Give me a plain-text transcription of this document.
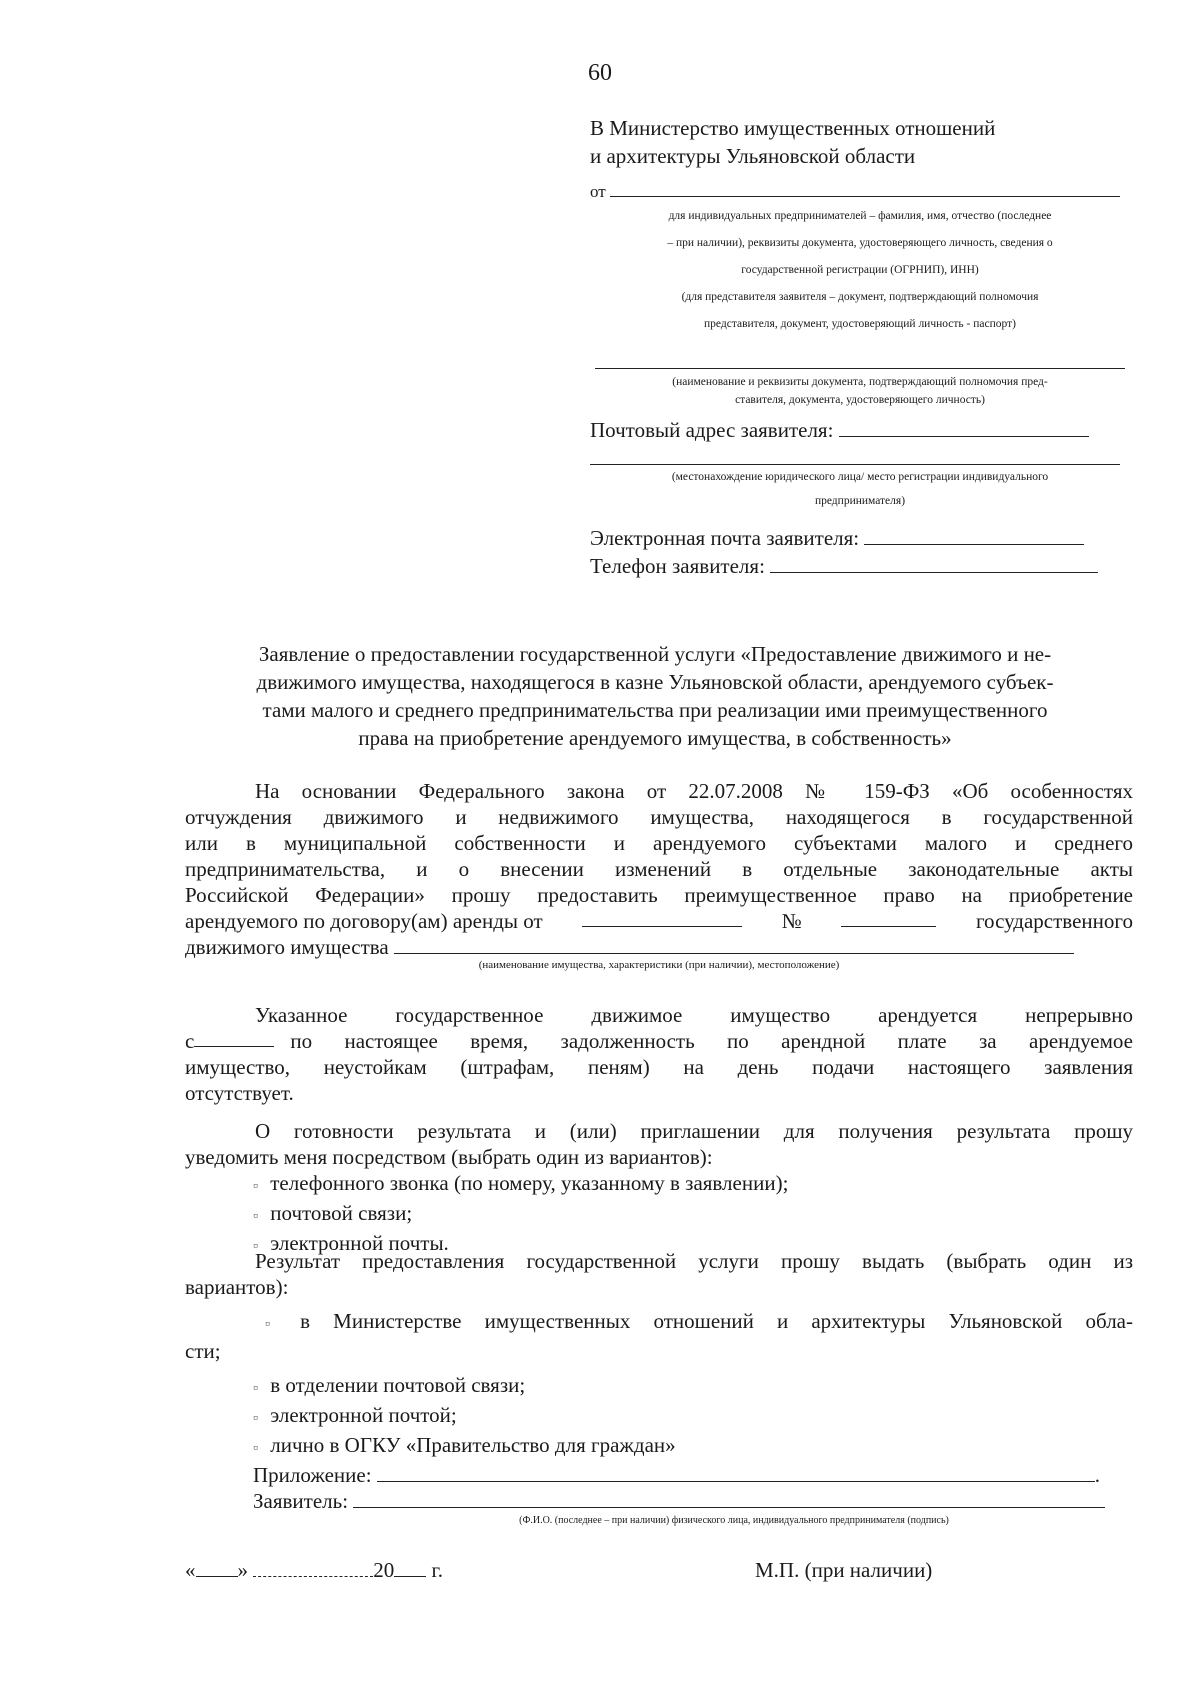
60
В Министерство имущественных отношений
и архитектуры Ульяновской области
от
для индивидуальных предпринимателей – фамилия, имя, отчество (последнее
– при наличии), реквизиты документа, удостоверяющего личность, сведения о
государственной регистрации (ОГРНИП), ИНН)
(для представителя заявителя – документ, подтверждающий полномочия
представителя, документ, удостоверяющий личность - паспорт)
(наименование и реквизиты документа, подтверждающий полномочия пред-
ставителя, документа, удостоверяющего личность)
Почтовый адрес заявителя:
(местонахождение юридического лица/ место регистрации индивидуального
предпринимателя)
Электронная почта заявителя:
Телефон заявителя:
Заявление о предоставлении государственной услуги «Предоставление движимого и не-
движимого имущества, находящегося в казне Ульяновской области, арендуемого субъек-
тами малого и среднего предпринимательства при реализации ими преимущественного
права на приобретение арендуемого имущества, в собственность»
На основании Федерального закона от 22.07.2008 № 159-ФЗ «Об особенностях
отчуждения движимого и недвижимого имущества, находящегося в государственной
или в муниципальной собственности и арендуемого субъектами малого и среднего
предпринимательства, и о внесении изменений в отдельные законодательные акты
Российской Федерации» прошу предоставить преимущественное право на приобретение
арендуемого по договору(ам) аренды от	№	государственного
движимого имущества
(наименование имущества, характеристики (при наличии), местоположение)
Указанное государственное движимое имущество арендуется непрерывно
с	по настоящее время, задолженность по арендной плате за арендуемое
имущество, неустойкам (штрафам, пеням) на день подачи настоящего заявления
отсутствует.
О готовности результата и (или) приглашении для получения результата прошу
уведомить меня посредством (выбрать один из вариантов):
▫ телефонного звонка (по номеру, указанному в заявлении);
▫ почтовой связи;
▫ электронной почты.
Результат предоставления государственной услуги прошу выдать (выбрать один из
вариантов):
▫ в Министерстве имущественных отношений и архитектуры Ульяновской обла-
сти;
▫ в отделении почтовой связи;
▫ электронной почтой;
▫ лично в ОГКУ «Правительство для граждан»
Приложение:	.
Заявитель:
(Ф.И.О. (последнее – при наличии) физического лица, индивидуального предпринимателя (подпись)
« »	20 г.	М.П. (при наличии)
